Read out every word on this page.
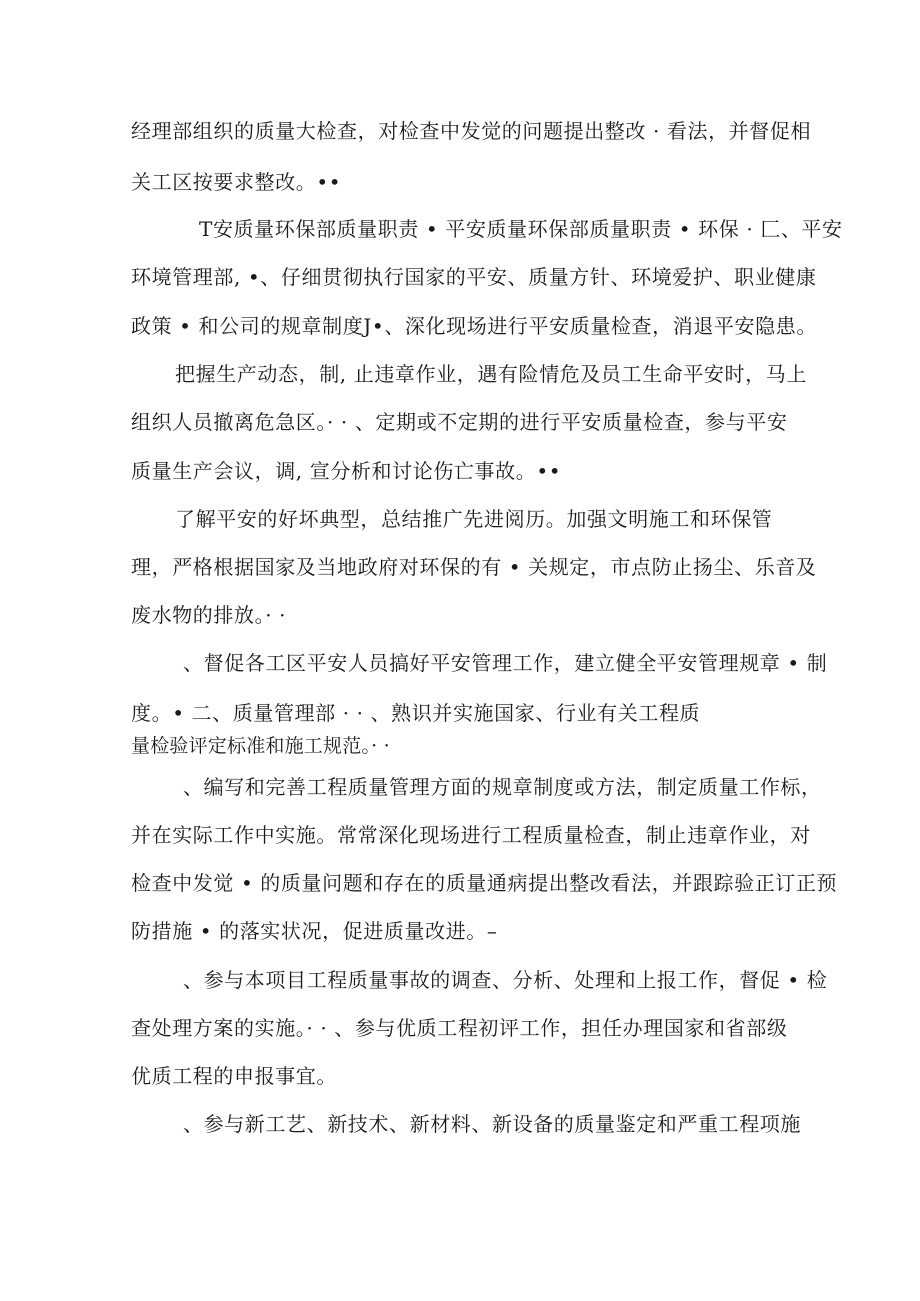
经理部组织的质量大检查，对检查中发觉的问题提出整改 · 看法，并督促相
关工区按要求整改。••
T安质量环保部质量职责 • 平安质量环保部质量职责 • 环保 · 匚、平安
环境管理部, •、仔细贯彻执行国家的平安、质量方针、环境爱护、职业健康
政策 • 和公司的规章制度J•、深化现场进行平安质量检查，消退平安隐患。
把握生产动态，制, 止违章作业，遇有险情危及员工生命平安时，马上
组织人员撤离危急区。· · 、定期或不定期的进行平安质量检查，参与平安
质量生产会议，调, 宣分析和讨论伤亡事故。••
了解平安的好坏典型，总结推广先进阅历。加强文明施工和环保管
理，严格根据国家及当地政府对环保的有 • 关规定，市点防止扬尘、乐音及
废水物的排放。· ·
、督促各工区平安人员搞好平安管理工作，建立健全平安管理规章 • 制
度。• 二、质量管理部 · · 、熟识并实施国家、行业有关工程质
量检验评定标准和施工规范。· ·
、编写和完善工程质量管理方面的规章制度或方法，制定质量工作标，
并在实际工作中实施。常常深化现场进行工程质量检查，制止违章作业，对
检查中发觉 • 的质量问题和存在的质量通病提出整改看法，并跟踪验正订正预
防措施 • 的落实状况，促进质量改进。–
、参与本项目工程质量事故的调查、分析、处理和上报工作，督促 • 检
查处理方案的实施。· · 、参与优质工程初评工作，担任办理国家和省部级
优质工程的申报事宜。
、参与新工艺、新技术、新材料、新设备的质量鉴定和严重工程项施
